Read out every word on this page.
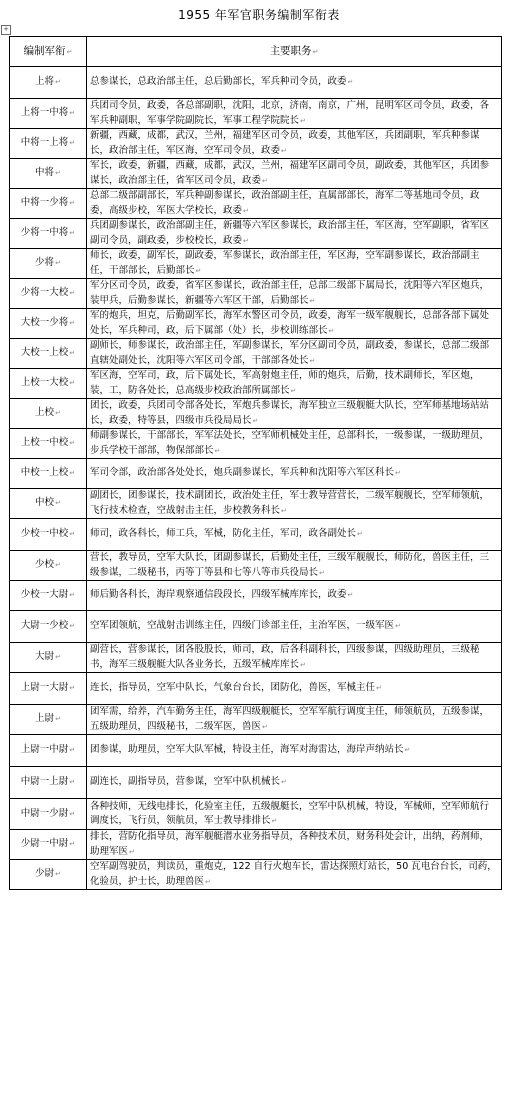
1955 年军官职务编制军衔表
+
编制军衔↵	主要职务↵
上将↵	总参谋长，总政治部主任，总后勤部长，军兵种司令员，政委↵
上将一中将↵	兵团司令员，政委，各总部副职，沈阳，北京，济南，南京，广州，昆明军区司令员，政委，各军兵种副职，军事学院副院长，军事工程学院院长↵
中将一上将↵	新疆，西藏，成都，武汉，兰州，福建军区司令员，政委，其他军区，兵团副职，军兵种参谋长，政治部主任，军区海，空军司令员，政委↵
中将↵	军长，政委，新疆，西藏，成都，武汉，兰州，福建军区副司令员，副政委，其他军区，兵团参谋长，政治部主任，省军区司令员，政委↵
中将一少将↵	总部二级部副部长，军兵种副参谋长，政治部副主任，直属部部长，海军二等基地司令员，政委，高级步校，军医大学校长，政委↵
少将一中将↵	兵团副参谋长，政治部副主任，新疆等六军区参谋长，政治部主任，军区海，空军副职，省军区副司令员，副政委，步校校长，政委↵
少将↵	师长，政委，副军长，副政委，军参谋长，政治部主任，军区海，空军副参谋长，政治部副主任，干部部长，后勤部长↵
少将一大校↵	军分区司令员，政委，省军区参谋长，政治部主任，总部二级部下属局长，沈阳等六军区炮兵，装甲兵，后勤参谋长，新疆等六军区干部，后勤部长↵
大校一少将↵	军的炮兵，坦克，后勤副军长，海军水警区司令员，政委，海军一级军舰舰长，总部各部下属处处长，军兵种司，政，后下属部（处）长，步校训练部长↵
大校一上校↵	副师长，师参谋长，政治部主任，军副参谋长，军分区副司令员，副政委，参谋长，总部二级部直辖处副处长，沈阳等六军区司令部，干部部各处长↵
上校一大校↵	军区海，空军司，政，后下属处长，军高射炮主任，师的炮兵，后勤，技术副师长，军区炮，装，工，防各处长，总高级步校政治部所属部长↵
上校↵	团长，政委，兵团司令部各处长，军炮兵参谋长，海军独立三级舰艇大队长，空军师基地场站站长，政委，特等县，四级市兵役局局长↵
上校一中校↵	师副参谋长，干部部长，军军法处长，空军师机械处主任，总部科长，一级参谋，一级助理员，步兵学校干部部，物保部部长↵
中校一上校↵	军司令部，政治部各处处长，炮兵副参谋长，军兵种和沈阳等六军区科长↵
中校↵	副团长，团参谋长，技术副团长，政治处主任，军士教导营营长，二级军舰舰长，空军师领航，飞行技术检查，空战射击主任，步校教务科长↵
少校一中校↵	师司，政各科长，师工兵，军械，防化主任，军司，政各副处长↵
少校↵	营长，教导员，空军大队长，团副参谋长，后勤处主任，三级军舰舰长，师防化，兽医主任，三级参谋，二级秘书，丙等丁等县和七等八等市兵役局长↵
少校一大尉↵	师后勤各科长，海岸观察通信段段长，四级军械库库长，政委↵
大尉一少校↵	空军团领航，空战射击训练主任，四级门诊部主任，主治军医，一级军医↵
大尉↵	副营长，营参谋长，团各股股长，师司，政，后各科副科长，四级参谋，四级助理员，三级秘书，海军三级舰艇大队各业务长，五级军械库库长↵
上尉一大尉↵	连长，指导员，空军中队长，气象台台长，团防化，兽医，军械主任↵
上尉↵	团军需，给养，汽车勤务主任，海军四级舰艇长，空军军航行调度主任，师领航员，五级参谋，五级助理员，四级秘书，二级军医，兽医↵
上尉一中尉↵	团参谋，助理员，空军大队军械，特设主任，海军对海雷达，海岸声纳站长↵
中尉一上尉↵	副连长，副指导员，营参谋，空军中队机械长↵
中尉一少尉↵	各种技师，无线电排长，化验室主任，五级舰艇长，空军中队机械，特设，军械师，空军师航行调度长，飞行员，领航员，军士教导排排长↵
少尉一中尉↵	排长，营防化指导员，海军舰艇潜水业务指导员，各种技术员，财务科处会计，出纳，药剂师，助理军医↵
少尉↵	空军副驾驶员，判读员，重炮克，122 自行火炮车长，雷达探照灯站长，50 瓦电台台长，司药，化验员，护士长，助理兽医↵
